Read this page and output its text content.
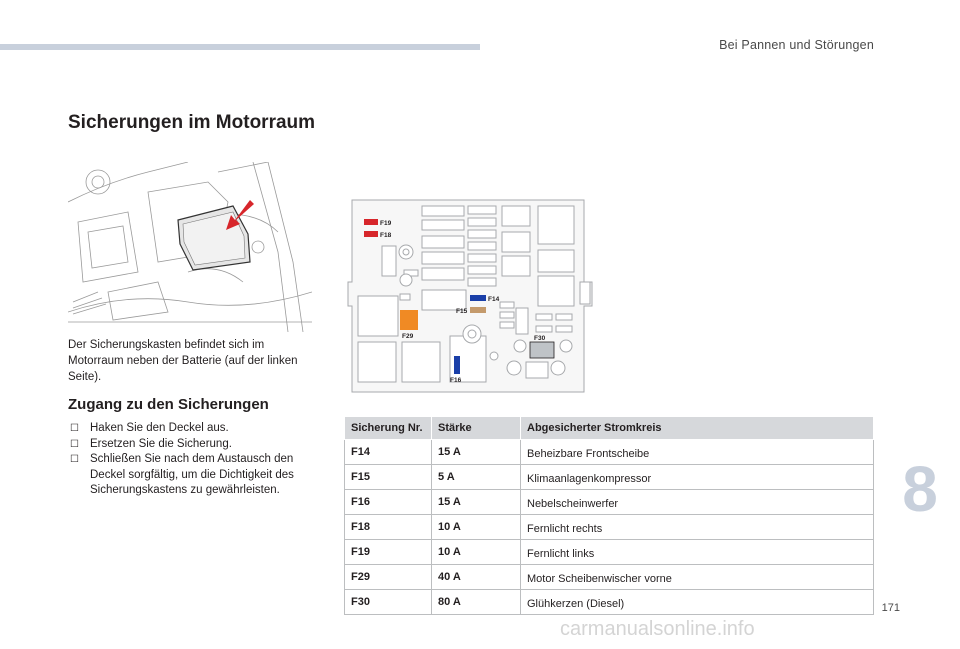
Bei Pannen und Störungen
Sicherungen im Motorraum

Der Sicherungskasten befindet sich im Motorraum neben der Batterie (auf der linken Seite).

Zugang zu den Sicherungen
☐ Haken Sie den Deckel aus.
☐ Ersetzen Sie die Sicherung.
☐ Schließen Sie nach dem Austausch den Deckel sorgfältig, um die Dichtigkeit des Sicherungskastens zu gewährleisten.
F19
F18
F14
F15
F29	F30
F16
Sicherung Nr.	Stärke	Abgesicherter Stromkreis
F14	15 A	Beheizbare Frontscheibe
F15	5 A	Klimaanlagenkompressor
F16	15 A	Nebelscheinwerfer
F18	10 A	Fernlicht rechts
F19	10 A	Fernlicht links
F29	40 A	Motor Scheibenwischer vorne
F30	80 A	Glühkerzen (Diesel)
8
171
carmanualsonline.info
